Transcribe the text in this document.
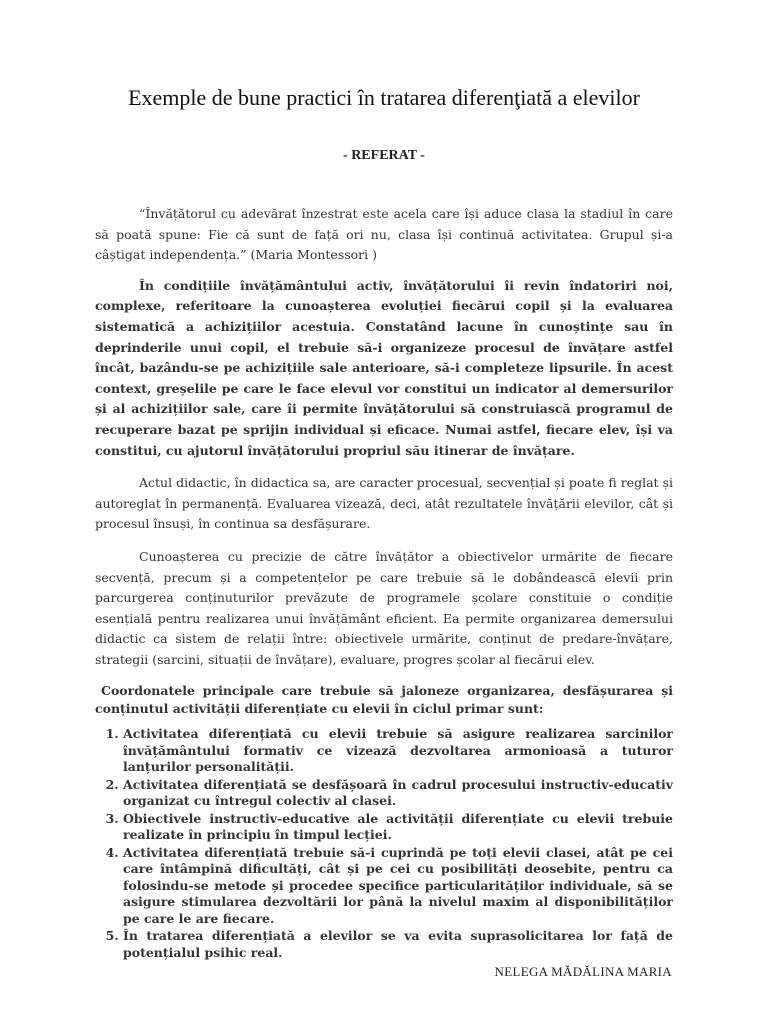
Exemple de bune practici în tratarea diferenţiată a elevilor
- REFERAT -

“Învățătorul cu adevărat înzestrat este acela care își aduce clasa la stadiul în care să poată spune: Fie că sunt de față ori nu, clasa își continuă activitatea. Grupul și-a câștigat independența.” (Maria Montessori )

În condițiile învățământului activ, învățătorului îi revin îndatoriri noi, complexe, referitoare la cunoașterea evoluției fiecărui copil și la evaluarea sistematică a achizițiilor acestuia. Constatând lacune în cunoștințe sau în deprinderile unui copil, el trebuie să-i organizeze procesul de învățare astfel încât, bazându-se pe achizițiile sale anterioare, să-i completeze lipsurile. În acest context, greșelile pe care le face elevul vor constitui un indicator al demersurilor și al achizițiilor sale, care îi permite învățătorului să construiască programul de recuperare bazat pe sprijin individual și eficace. Numai astfel, fiecare elev, își va constitui, cu ajutorul învățătorului propriul său itinerar de învățare.

Actul didactic, în didactica sa, are caracter procesual, secvențial și poate fi reglat și autoreglat în permanență. Evaluarea vizează, deci, atât rezultatele învățării elevilor, cât și procesul însuși, în continua sa desfășurare.

Cunoașterea cu precizie de către învățător a obiectivelor urmărite de fiecare secvență, precum și a competențelor pe care trebuie să le dobândească elevii prin parcurgerea conținuturilor prevăzute de programele școlare constituie o condiție esențială pentru realizarea unui învățământ eficient. Ea permite organizarea demersului didactic ca sistem de relații între: obiectivele urmărite, conținut de predare-învățare, strategii (sarcini, situații de învățare), evaluare, progres școlar al fiecărui elev.

Coordonatele principale care trebuie să jaloneze organizarea, desfășurarea și conținutul activității diferențiate cu elevii în ciclul primar sunt:

1. Activitatea diferențiată cu elevii trebuie să asigure realizarea sarcinilor învățământului formativ ce vizează dezvoltarea armonioasă a tuturor lanțurilor personalității.
2. Activitatea diferențiată se desfășoară în cadrul procesului instructiv-educativ organizat cu întregul colectiv al clasei.
3. Obiectivele instructiv-educative ale activității diferențiate cu elevii trebuie realizate în principiu în timpul lecției.
4. Activitatea diferențiată trebuie să-i cuprindă pe toți elevii clasei, atât pe cei care întâmpină dificultăți, cât și pe cei cu posibilități deosebite, pentru ca folosindu-se metode și procedee specifice particularităților individuale, să se asigure stimularea dezvoltării lor până la nivelul maxim al disponibilităților pe care le are fiecare.
5. În tratarea diferențiată a elevilor se va evita suprasolicitarea lor față de potențialul psihic real.
NELEGA MĂDĂLINA MARIA
